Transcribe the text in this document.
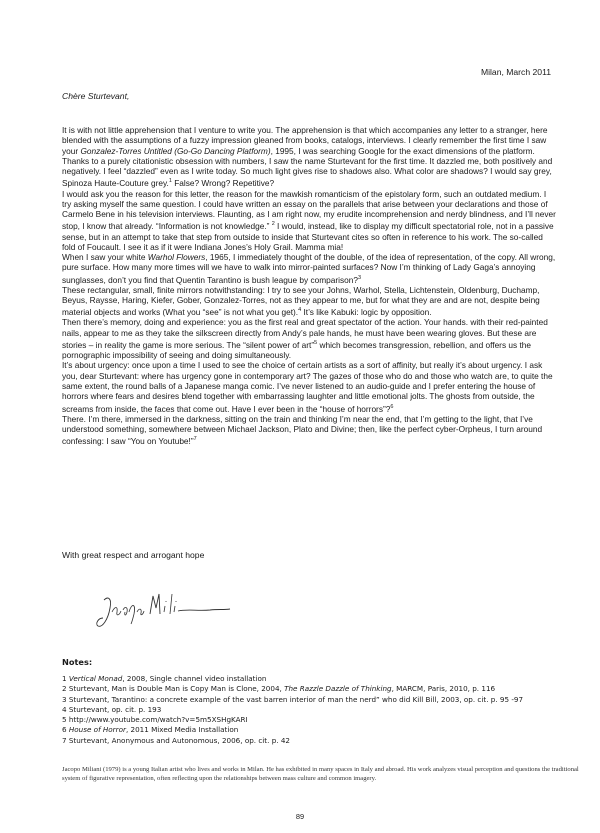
Milan, March 2011
Chère Sturtevant,

It is with not little apprehension that I venture to write you. The apprehension is that which accompanies any letter to a stranger, here blended with the assumptions of a fuzzy impression gleaned from books, catalogs, interviews. I clearly remember the first time I saw your Gonzalez-Torres Untitled (Go-Go Dancing Platform), 1995, I was searching Google for the exact dimensions of the platform. Thanks to a purely citationistic obsession with numbers, I saw the name Sturtevant for the first time. It dazzled me, both positively and negatively. I feel “dazzled” even as I write today. So much light gives rise to shadows also. What color are shadows? I would say grey, Spinoza Haute-Couture grey.$^1$ False? Wrong? Repetitive?

I would ask you the reason for this letter, the reason for the mawkish romanticism of the epistolary form, such an outdated medium. I try asking myself the same question. I could have written an essay on the parallels that arise between your declarations and those of Carmelo Bene in his television interviews. Flaunting, as I am right now, my erudite incomprehension and nerdy blindness, and I’ll never stop, I know that already. “Information is not knowledge.” $^2$ I would, instead, like to display my difficult spectatorial role, not in a passive sense, but in an attempt to take that step from outside to inside that Sturtevant cites so often in reference to his work. The so-called fold of Foucault. I see it as if it were Indiana Jones’s Holy Grail. Mamma mia!

When I saw your white Warhol Flowers, 1965, I immediately thought of the double, of the idea of representation, of the copy. All wrong, pure surface. How many more times will we have to walk into mirror-painted surfaces? Now I’m thinking of Lady Gaga’s annoying sunglasses, don’t you find that Quentin Tarantino is bush league by comparison?$^3$

These rectangular, small, finite mirrors notwithstanding: I try to see your Johns, Warhol, Stella, Lichtenstein, Oldenburg, Duchamp, Beyus, Raysse, Haring, Kiefer, Gober, Gonzalez-Torres, not as they appear to me, but for what they are and are not, despite being material objects and works (What you “see” is not what you get).$^4$ It’s like Kabuki: logic by opposition.

Then there’s memory, doing and experience: you as the first real and great spectator of the action. Your hands. with their red-painted nails, appear to me as they take the silkscreen directly from Andy’s pale hands, he must have been wearing gloves. But these are stories – in reality the game is more serious. The “silent power of art”$^5$ which becomes transgression, rebellion, and offers us the pornographic impossibility of seeing and doing simultaneously.

It’s about urgency: once upon a time I used to see the choice of certain artists as a sort of affinity, but really it’s about urgency. I ask you, dear Sturtevant: where has urgency gone in contemporary art? The gazes of those who do and those who watch are, to quite the same extent, the round balls of a Japanese manga comic. I’ve never listened to an audio-guide and I prefer entering the house of horrors where fears and desires blend together with embarrassing laughter and little emotional jolts. The ghosts from outside, the screams from inside, the faces that come out. Have I ever been in the “house of horrors”?$^6$

There. I’m there, immersed in the darkness, sitting on the train and thinking I’m near the end, that I’m getting to the light, that I’ve understood something, somewhere between Michael Jackson, Plato and Divine; then, like the perfect cyber-Orpheus, I turn around confessing: I saw “You on Youtube!”$^7$

With great respect and arrogant hope
Notes:
1 Vertical Monad, 2008, Single channel video installation
2 Sturtevant, Man is Double Man is Copy Man is Clone, 2004, The Razzle Dazzle of Thinking, MARCM, Paris, 2010, p. 116
3 Sturtevant, Tarantino: a concrete example of the vast barren interior of man the nerd” who did Kill Bill, 2003, op. cit. p. 95 -97
4 Sturtevant, op. cit. p. 193
5 http://www.youtube.com/watch?v=5m5XSHgKARI
6 House of Horror, 2011 Mixed Media Installation
7 Sturtevant, Anonymous and Autonomous, 2006, op. cit. p. 42
Jacopo Miliani (1979) is a young Italian artist who lives and works in Milan. He has exhibited in many spaces in Italy and abroad. His work analyzes visual perception and questions the traditional system of figurative representation, often reflecting upon the relationships between mass culture and common imagery.
89
